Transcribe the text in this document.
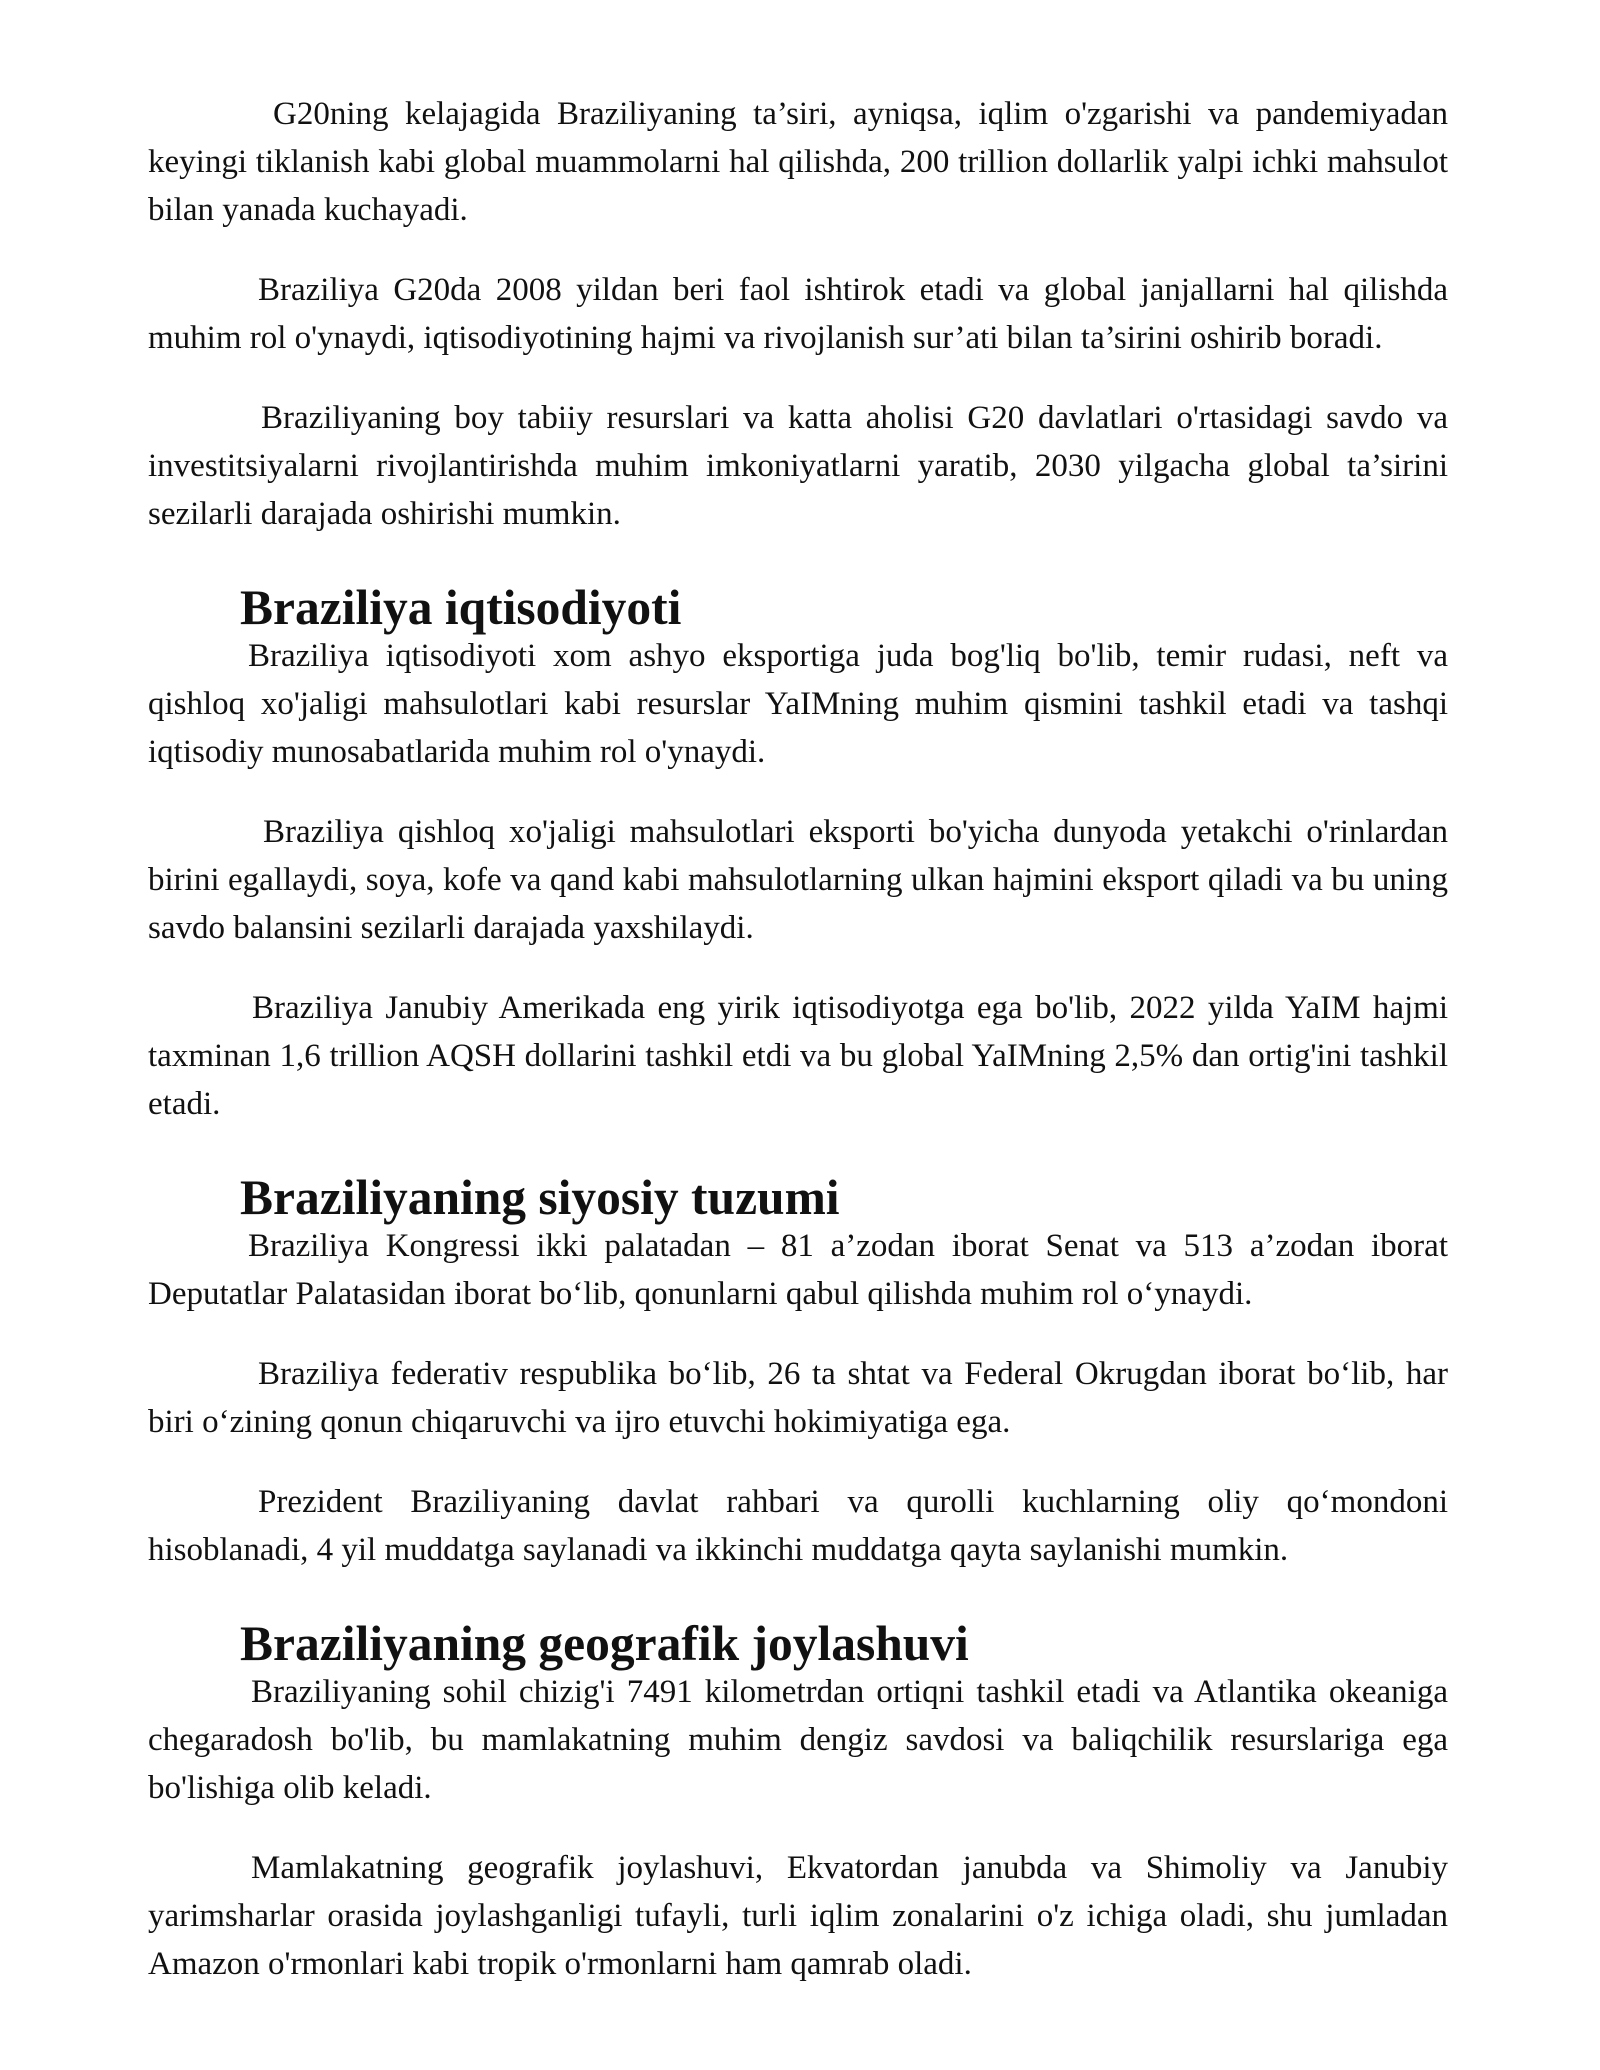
G20ning kelajagida Braziliyaning ta’siri, ayniqsa, iqlim o'zgarishi va pandemiyadan keyingi tiklanish kabi global muammolarni hal qilishda, 200 trillion dollarlik yalpi ichki mahsulot bilan yanada kuchayadi.

Braziliya G20da 2008 yildan beri faol ishtirok etadi va global janjallarni hal qilishda muhim rol o'ynaydi, iqtisodiyotining hajmi va rivojlanish sur’ati bilan ta’sirini oshirib boradi.

Braziliyaning boy tabiiy resurslari va katta aholisi G20 davlatlari o'rtasidagi savdo va investitsiyalarni rivojlantirishda muhim imkoniyatlarni yaratib, 2030 yilgacha global ta’sirini sezilarli darajada oshirishi mumkin.

Braziliya iqtisodiyoti

Braziliya iqtisodiyoti xom ashyo eksportiga juda bog'liq bo'lib, temir rudasi, neft va qishloq xo'jaligi mahsulotlari kabi resurslar YaIMning muhim qismini tashkil etadi va tashqi iqtisodiy munosabatlarida muhim rol o'ynaydi.

Braziliya qishloq xo'jaligi mahsulotlari eksporti bo'yicha dunyoda yetakchi o'rinlardan birini egallaydi, soya, kofe va qand kabi mahsulotlarning ulkan hajmini eksport qiladi va bu uning savdo balansini sezilarli darajada yaxshilaydi.

Braziliya Janubiy Amerikada eng yirik iqtisodiyotga ega bo'lib, 2022 yilda YaIM hajmi taxminan 1,6 trillion AQSH dollarini tashkil etdi va bu global YaIMning 2,5% dan ortig'ini tashkil etadi.

Braziliyaning siyosiy tuzumi

Braziliya Kongressi ikki palatadan – 81 a’zodan iborat Senat va 513 a’zodan iborat Deputatlar Palatasidan iborat bo‘lib, qonunlarni qabul qilishda muhim rol o‘ynaydi.

Braziliya federativ respublika bo‘lib, 26 ta shtat va Federal Okrugdan iborat bo‘lib, har biri o‘zining qonun chiqaruvchi va ijro etuvchi hokimiyatiga ega.

Prezident Braziliyaning davlat rahbari va qurolli kuchlarning oliy qo‘mondoni hisoblanadi, 4 yil muddatga saylanadi va ikkinchi muddatga qayta saylanishi mumkin.

Braziliyaning geografik joylashuvi

Braziliyaning sohil chizig'i 7491 kilometrdan ortiqni tashkil etadi va Atlantika okeaniga chegaradosh bo'lib, bu mamlakatning muhim dengiz savdosi va baliqchilik resurslariga ega bo'lishiga olib keladi.

Mamlakatning geografik joylashuvi, Ekvatordan janubda va Shimoliy va Janubiy yarimsharlar orasida joylashganligi tufayli, turli iqlim zonalarini o'z ichiga oladi, shu jumladan Amazon o'rmonlari kabi tropik o'rmonlarni ham qamrab oladi.
